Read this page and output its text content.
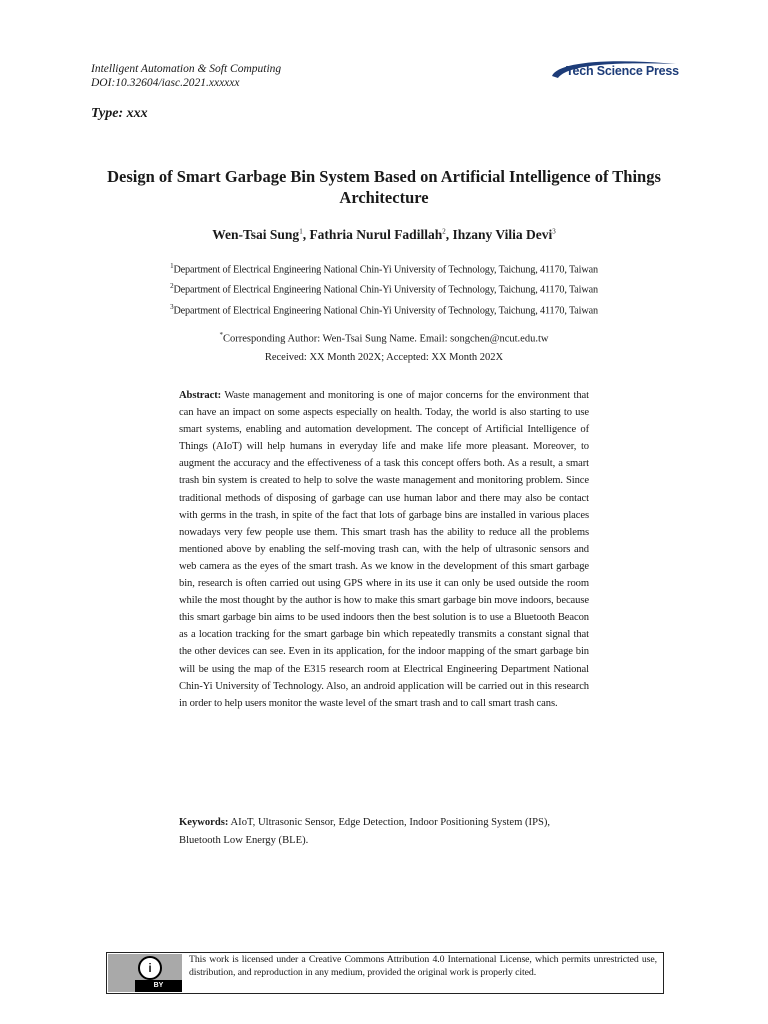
Intelligent Automation & Soft Computing
DOI:10.32604/iasc.2021.xxxxxx
Tech Science Press
Type: xxx
Design of Smart Garbage Bin System Based on Artificial Intelligence of Things Architecture
Wen-Tsai Sung$^1$, Fathria Nurul Fadillah$^2$, Ihzany Vilia Devi$^3$
$^1$Department of Electrical Engineering National Chin-Yi University of Technology, Taichung, 41170, Taiwan
$^2$Department of Electrical Engineering National Chin-Yi University of Technology, Taichung, 41170, Taiwan
$^3$Department of Electrical Engineering National Chin-Yi University of Technology, Taichung, 41170, Taiwan
*Corresponding Author: Wen-Tsai Sung Name. Email: songchen@ncut.edu.tw
Received: XX Month 202X; Accepted: XX Month 202X
Abstract: Waste management and monitoring is one of major concerns for the environment that can have an impact on some aspects especially on health. Today, the world is also starting to use smart systems, enabling and automation development. The concept of Artificial Intelligence of Things (AIoT) will help humans in everyday life and make life more pleasant. Moreover, to augment the accuracy and the effectiveness of a task this concept offers both. As a result, a smart trash bin system is created to help to solve the waste management and monitoring problem. Since traditional methods of disposing of garbage can use human labor and there may also be contact with germs in the trash, in spite of the fact that lots of garbage bins are installed in various places nowadays very few people use them. This smart trash has the ability to reduce all the problems mentioned above by enabling the self-moving trash can, with the help of ultrasonic sensors and web camera as the eyes of the smart trash. As we know in the development of this smart garbage bin, research is often carried out using GPS where in its use it can only be used outside the room while the most thought by the author is how to make this smart garbage bin move indoors, because this smart garbage bin aims to be used indoors then the best solution is to use a Bluetooth Beacon as a location tracking for the smart garbage bin which repeatedly transmits a constant signal that the other devices can see. Even in its application, for the indoor mapping of the smart garbage bin will be using the map of the E315 research room at Electrical Engineering Department National Chin-Yi University of Technology. Also, an android application will be carried out in this research in order to help users monitor the waste level of the smart trash and to call smart trash cans.
Keywords: AIoT, Ultrasonic Sensor, Edge Detection, Indoor Positioning System (IPS), Bluetooth Low Energy (BLE).
i
BY
This work is licensed under a Creative Commons Attribution 4.0 International License, which permits unrestricted use, distribution, and reproduction in any medium, provided the original work is properly cited.
